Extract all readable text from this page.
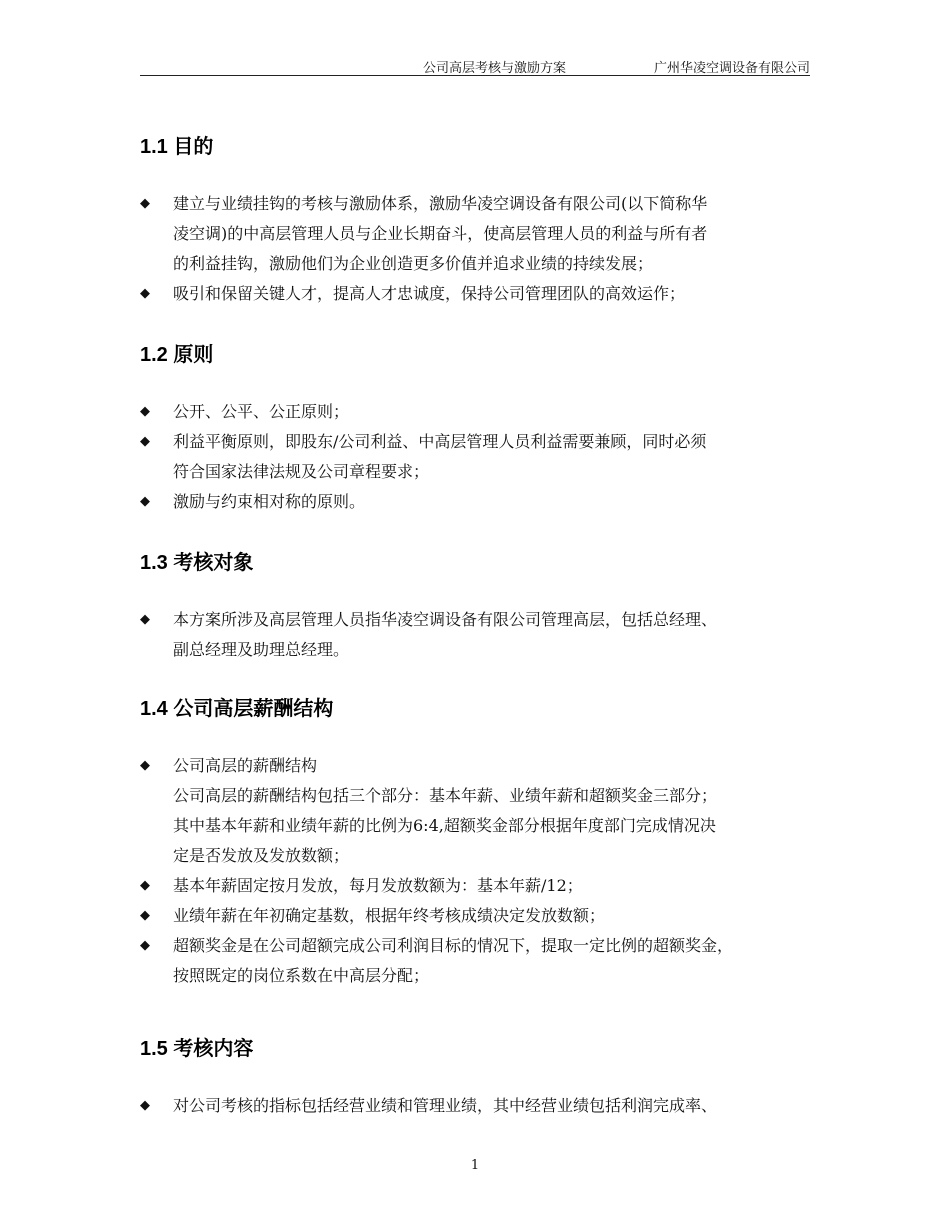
公司高层考核与激励方案	广州华凌空调设备有限公司
1.1 目的
◆ 建立与业绩挂钩的考核与激励体系，激励华凌空调设备有限公司(以下简称华
凌空调)的中高层管理人员与企业长期奋斗，使高层管理人员的利益与所有者
的利益挂钩，激励他们为企业创造更多价值并追求业绩的持续发展；
◆ 吸引和保留关键人才，提高人才忠诚度，保持公司管理团队的高效运作；
1.2 原则
◆ 公开、公平、公正原则；
◆ 利益平衡原则，即股东/公司利益、中高层管理人员利益需要兼顾，同时必须
符合国家法律法规及公司章程要求；
◆ 激励与约束相对称的原则。
1.3 考核对象
◆ 本方案所涉及高层管理人员指华凌空调设备有限公司管理高层，包括总经理、
副总经理及助理总经理。
1.4 公司高层薪酬结构
◆ 公司高层的薪酬结构
公司高层的薪酬结构包括三个部分：基本年薪、业绩年薪和超额奖金三部分；
其中基本年薪和业绩年薪的比例为6:4,超额奖金部分根据年度部门完成情况决
定是否发放及发放数额；
◆ 基本年薪固定按月发放，每月发放数额为：基本年薪/12；
◆ 业绩年薪在年初确定基数，根据年终考核成绩决定发放数额；
◆ 超额奖金是在公司超额完成公司利润目标的情况下，提取一定比例的超额奖金，
按照既定的岗位系数在中高层分配；
1.5 考核内容
◆ 对公司考核的指标包括经营业绩和管理业绩，其中经营业绩包括利润完成率、
1
